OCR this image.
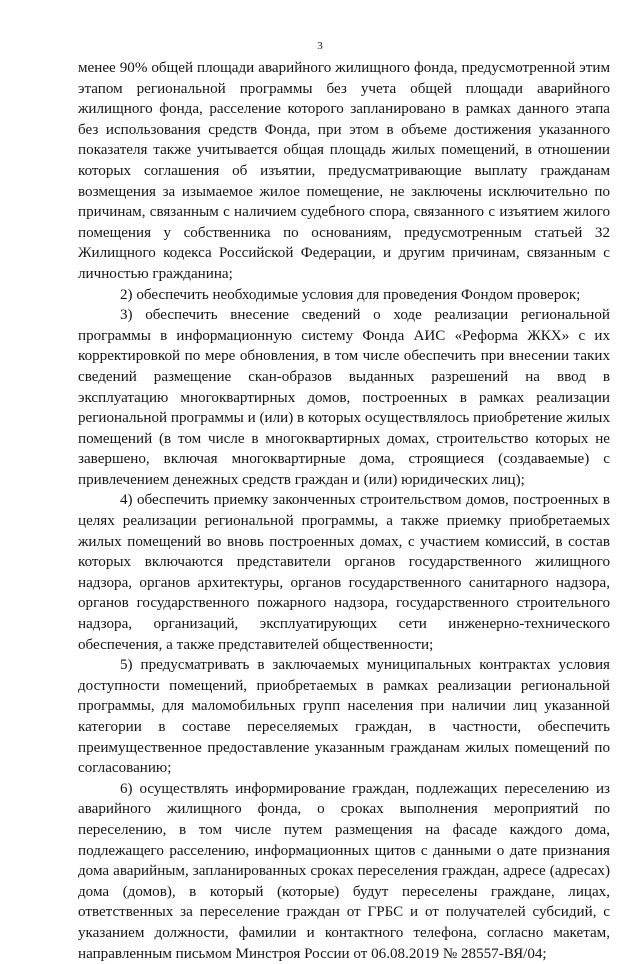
3

менее 90% общей площади аварийного жилищного фонда, предусмотренной этим этапом региональной программы без учета общей площади аварийного жилищного фонда, расселение которого запланировано в рамках данного этапа без использования средств Фонда, при этом в объеме достижения указанного показателя также учитывается общая площадь жилых помещений, в отношении которых соглашения об изъятии, предусматривающие выплату гражданам возмещения за изымаемое жилое помещение, не заключены исключительно по причинам, связанным с наличием судебного спора, связанного с изъятием жилого помещения у собственника по основаниям, предусмотренным статьей 32 Жилищного кодекса Российской Федерации, и другим причинам, связанным с личностью гражданина;

2) обеспечить необходимые условия для проведения Фондом проверок;

3) обеспечить внесение сведений о ходе реализации региональной программы в информационную систему Фонда АИС «Реформа ЖКХ» с их корректировкой по мере обновления, в том числе обеспечить при внесении таких сведений размещение скан-образов выданных разрешений на ввод в эксплуатацию многоквартирных домов, построенных в рамках реализации региональной программы и (или) в которых осуществлялось приобретение жилых помещений (в том числе в многоквартирных домах, строительство которых не завершено, включая многоквартирные дома, строящиеся (создаваемые) с привлечением денежных средств граждан и (или) юридических лиц);

4) обеспечить приемку законченных строительством домов, построенных в целях реализации региональной программы, а также приемку приобретаемых жилых помещений во вновь построенных домах, с участием комиссий, в состав которых включаются представители органов государственного жилищного надзора, органов архитектуры, органов государственного санитарного надзора, органов государственного пожарного надзора, государственного строительного надзора, организаций, эксплуатирующих сети инженерно-технического обеспечения, а также представителей общественности;

5) предусматривать в заключаемых муниципальных контрактах условия доступности помещений, приобретаемых в рамках реализации региональной программы, для маломобильных групп населения при наличии лиц указанной категории в составе переселяемых граждан, в частности, обеспечить преимущественное предоставление указанным гражданам жилых помещений по согласованию;

6) осуществлять информирование граждан, подлежащих переселению из аварийного жилищного фонда, о сроках выполнения мероприятий по переселению, в том числе путем размещения на фасаде каждого дома, подлежащего расселению, информационных щитов с данными о дате признания дома аварийным, запланированных сроках переселения граждан, адресе (адресах) дома (домов), в который (которые) будут переселены граждане, лицах, ответственных за переселение граждан от ГРБС и от получателей субсидий, с указанием должности, фамилии и контактного телефона, согласно макетам, направленным письмом Минстроя России от 06.08.2019 № 28557-ВЯ/04;
